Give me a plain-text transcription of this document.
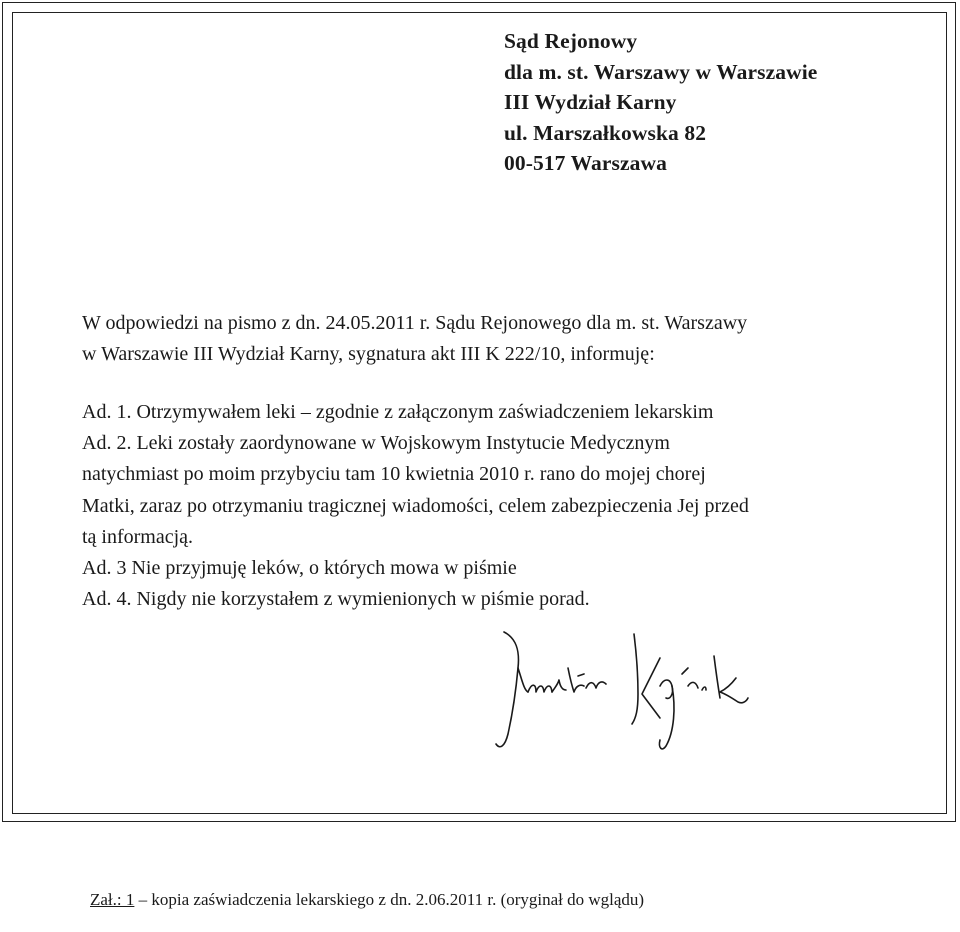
Sąd Rejonowy
dla m. st. Warszawy w Warszawie
III Wydział Karny
ul. Marszałkowska 82
00-517 Warszawa
W odpowiedzi na pismo z dn. 24.05.2011 r. Sądu Rejonowego dla m. st. Warszawy
w Warszawie III Wydział Karny, sygnatura akt III K 222/10, informuję:
Ad. 1. Otrzymywałem leki – zgodnie z załączonym zaświadczeniem lekarskim
Ad. 2. Leki zostały zaordynowane w Wojskowym Instytucie Medycznym
natychmiast po moim przybyciu tam 10 kwietnia 2010 r. rano do mojej chorej
Matki, zaraz po otrzymaniu tragicznej wiadomości, celem zabezpieczenia Jej przed
tą informacją.
Ad. 3 Nie przyjmuję leków, o których mowa w piśmie
Ad. 4. Nigdy nie korzystałem z wymienionych w piśmie porad.
Zał.: 1 – kopia zaświadczenia lekarskiego z dn. 2.06.2011 r. (oryginał do wglądu)
